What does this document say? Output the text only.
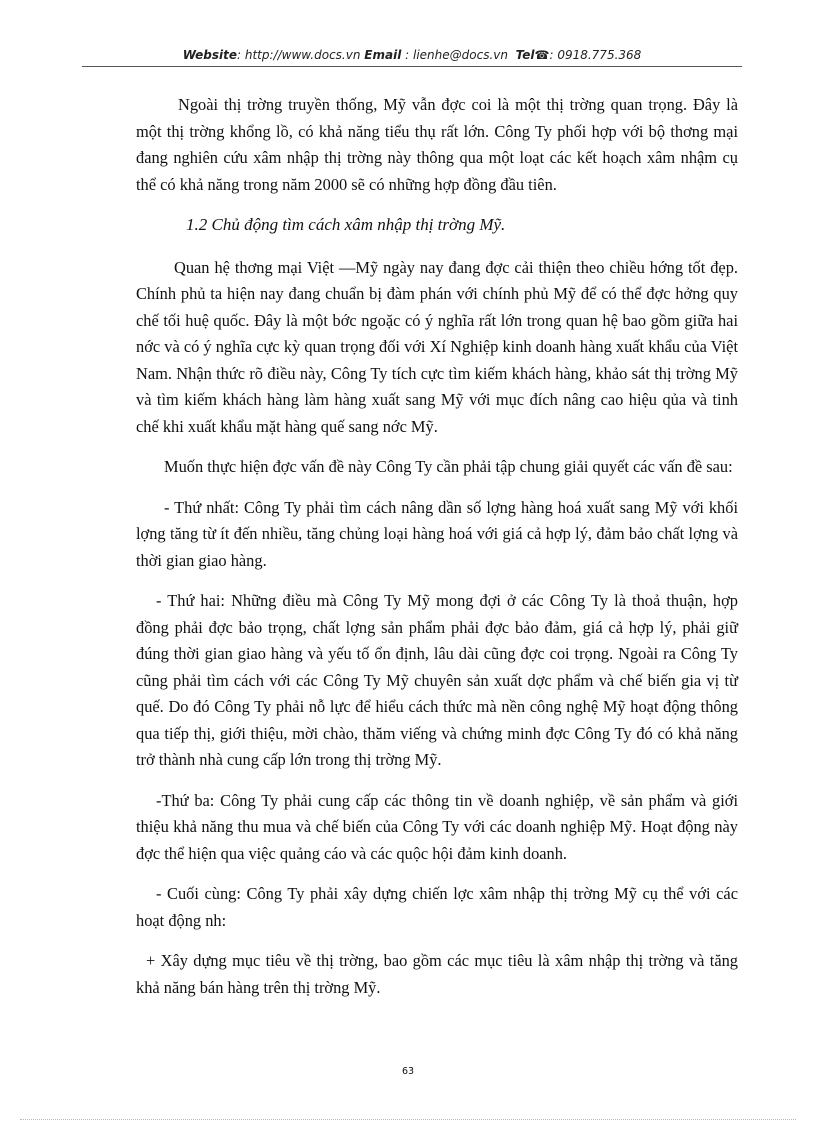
Website: http://www.docs.vn Email : lienhe@docs.vn Tel☎: 0918.775.368

Ngoài thị trờng truyền thống, Mỹ vẫn đợc coi là một thị trờng quan trọng. Đây là một thị trờng khổng lồ, có khả năng tiểu thụ rất lớn. Công Ty phối hợp với bộ thơng mại đang nghiên cứu xâm nhập thị trờng này thông qua một loạt các kết hoạch xâm nhậm cụ thể có khả năng trong năm 2000 sẽ có những hợp đồng đầu tiên.

1.2 Chủ động tìm cách xâm nhập thị trờng Mỹ.

Quan hệ thơng mại Việt —Mỹ ngày nay đang đợc cải thiện theo chiều hớng tốt đẹp. Chính phủ ta hiện nay đang chuẩn bị đàm phán với chính phủ Mỹ để có thể đợc hởng quy chế tối huệ quốc. Đây là một bớc ngoặc có ý nghĩa rất lớn trong quan hệ bao gồm giữa hai nớc và có ý nghĩa cực kỳ quan trọng đối với Xí Nghiệp kinh doanh hàng xuất khẩu của Việt Nam. Nhận thức rõ điều này, Công Ty tích cực tìm kiếm khách hàng, khảo sát thị trờng Mỹ và tìm kiếm khách hàng làm hàng xuất sang Mỹ với mục đích nâng cao hiệu qủa và tinh chế khi xuất khẩu mặt hàng quế sang nớc Mỹ.

Muốn thực hiện đợc vấn đề này Công Ty cần phải tập chung giải quyết các vấn đề sau:

- Thứ nhất: Công Ty phải tìm cách nâng dần số lợng hàng hoá xuất sang Mỹ với khối lợng tăng từ ít đến nhiều, tăng chủng loại hàng hoá với giá cả hợp lý, đảm bảo chất lợng và thời gian giao hàng.

- Thứ hai: Những điều mà Công Ty Mỹ mong đợi ở các Công Ty là thoả thuận, hợp đồng phải đợc bảo trọng, chất lợng sản phẩm phải đợc bảo đảm, giá cả hợp lý, phải giữ đúng thời gian giao hàng và yếu tố ổn định, lâu dài cũng đợc coi trọng. Ngoài ra Công Ty cũng phải tìm cách với các Công Ty Mỹ chuyên sản xuất dợc phẩm và chế biến gia vị từ quế. Do đó Công Ty phải nỗ lực để hiểu cách thức mà nền công nghệ Mỹ hoạt động thông qua tiếp thị, giới thiệu, mời chào, thăm viếng và chứng minh đợc Công Ty đó có khả năng trở thành nhà cung cấp lớn trong thị trờng Mỹ.

-Thứ ba: Công Ty phải cung cấp các thông tin về doanh nghiệp, về sản phẩm và giới thiệu khả năng thu mua và chế biến của Công Ty với các doanh nghiệp Mỹ. Hoạt động này đợc thể hiện qua việc quảng cáo và các quộc hội đảm kinh doanh.

- Cuối cùng: Công Ty phải xây dựng chiến lợc xâm nhập thị trờng Mỹ cụ thể với các hoạt động nh:

+ Xây dựng mục tiêu về thị trờng, bao gồm các mục tiêu là xâm nhập thị trờng và tăng khả năng bán hàng trên thị trờng Mỹ.

63
